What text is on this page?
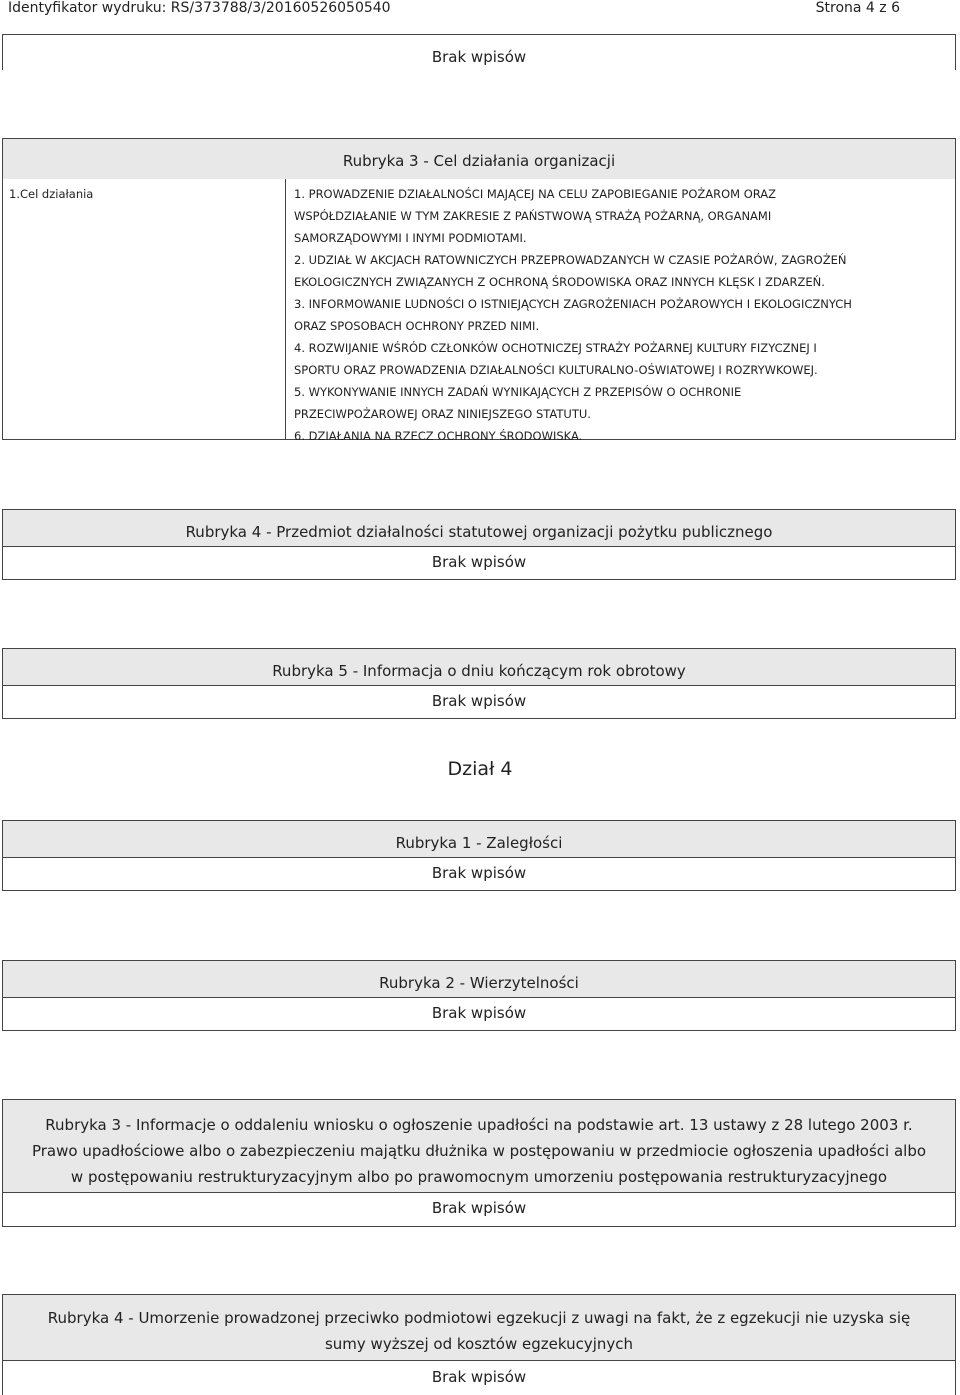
Identyfikator wydruku: RS/373788/3/20160526050540	Strona 4 z 6
Brak wpisów
Rubryka 3 - Cel działania organizacji
1.Cel działania	1. PROWADZENIE DZIAŁALNOŚCI MAJĄCEJ NA CELU ZAPOBIEGANIE POŻAROM ORAZ

WSPÓŁDZIAŁANIE W TYM ZAKRESIE Z PAŃSTWOWĄ STRAŻĄ POŻARNĄ, ORGANAMI

SAMORZĄDOWYMI I INYMI PODMIOTAMI.

2. UDZIAŁ W AKCJACH RATOWNICZYCH PRZEPROWADZANYCH W CZASIE POŻARÓW, ZAGROŻEŃ

EKOLOGICZNYCH ZWIĄZANYCH Z OCHRONĄ ŚRODOWISKA ORAZ INNYCH KLĘSK I ZDARZEŃ.

3. INFORMOWANIE LUDNOŚCI O ISTNIEJĄCYCH ZAGROŻENIACH POŻAROWYCH I EKOLOGICZNYCH

ORAZ SPOSOBACH OCHRONY PRZED NIMI.

4. ROZWIJANIE WŚRÓD CZŁONKÓW OCHOTNICZEJ STRAŻY POŻARNEJ KULTURY FIZYCZNEJ I

SPORTU ORAZ PROWADZENIA DZIAŁALNOŚCI KULTURALNO-OŚWIATOWEJ I ROZRYWKOWEJ.

5. WYKONYWANIE INNYCH ZADAŃ WYNIKAJĄCYCH Z PRZEPISÓW O OCHRONIE

PRZECIWPOŻAROWEJ ORAZ NINIEJSZEGO STATUTU.

6. DZIAŁANIA NA RZECZ OCHRONY ŚRODOWISKA.

Rubryka 4 - Przedmiot działalności statutowej organizacji pożytku publicznego
Brak wpisów
Rubryka 5 - Informacja o dniu kończącym rok obrotowy
Brak wpisów
Dział 4
Rubryka 1 - Zaległości
Brak wpisów
Rubryka 2 - Wierzytelności
Brak wpisów
Rubryka 3 - Informacje o oddaleniu wniosku o ogłoszenie upadłości na podstawie art. 13 ustawy z 28 lutego 2003 r.
Prawo upadłościowe albo o zabezpieczeniu majątku dłużnika w postępowaniu w przedmiocie ogłoszenia upadłości albo
w postępowaniu restrukturyzacyjnym albo po prawomocnym umorzeniu postępowania restrukturyzacyjnego
Brak wpisów
Rubryka 4 - Umorzenie prowadzonej przeciwko podmiotowi egzekucji z uwagi na fakt, że z egzekucji nie uzyska się
sumy wyższej od kosztów egzekucyjnych
Brak wpisów
